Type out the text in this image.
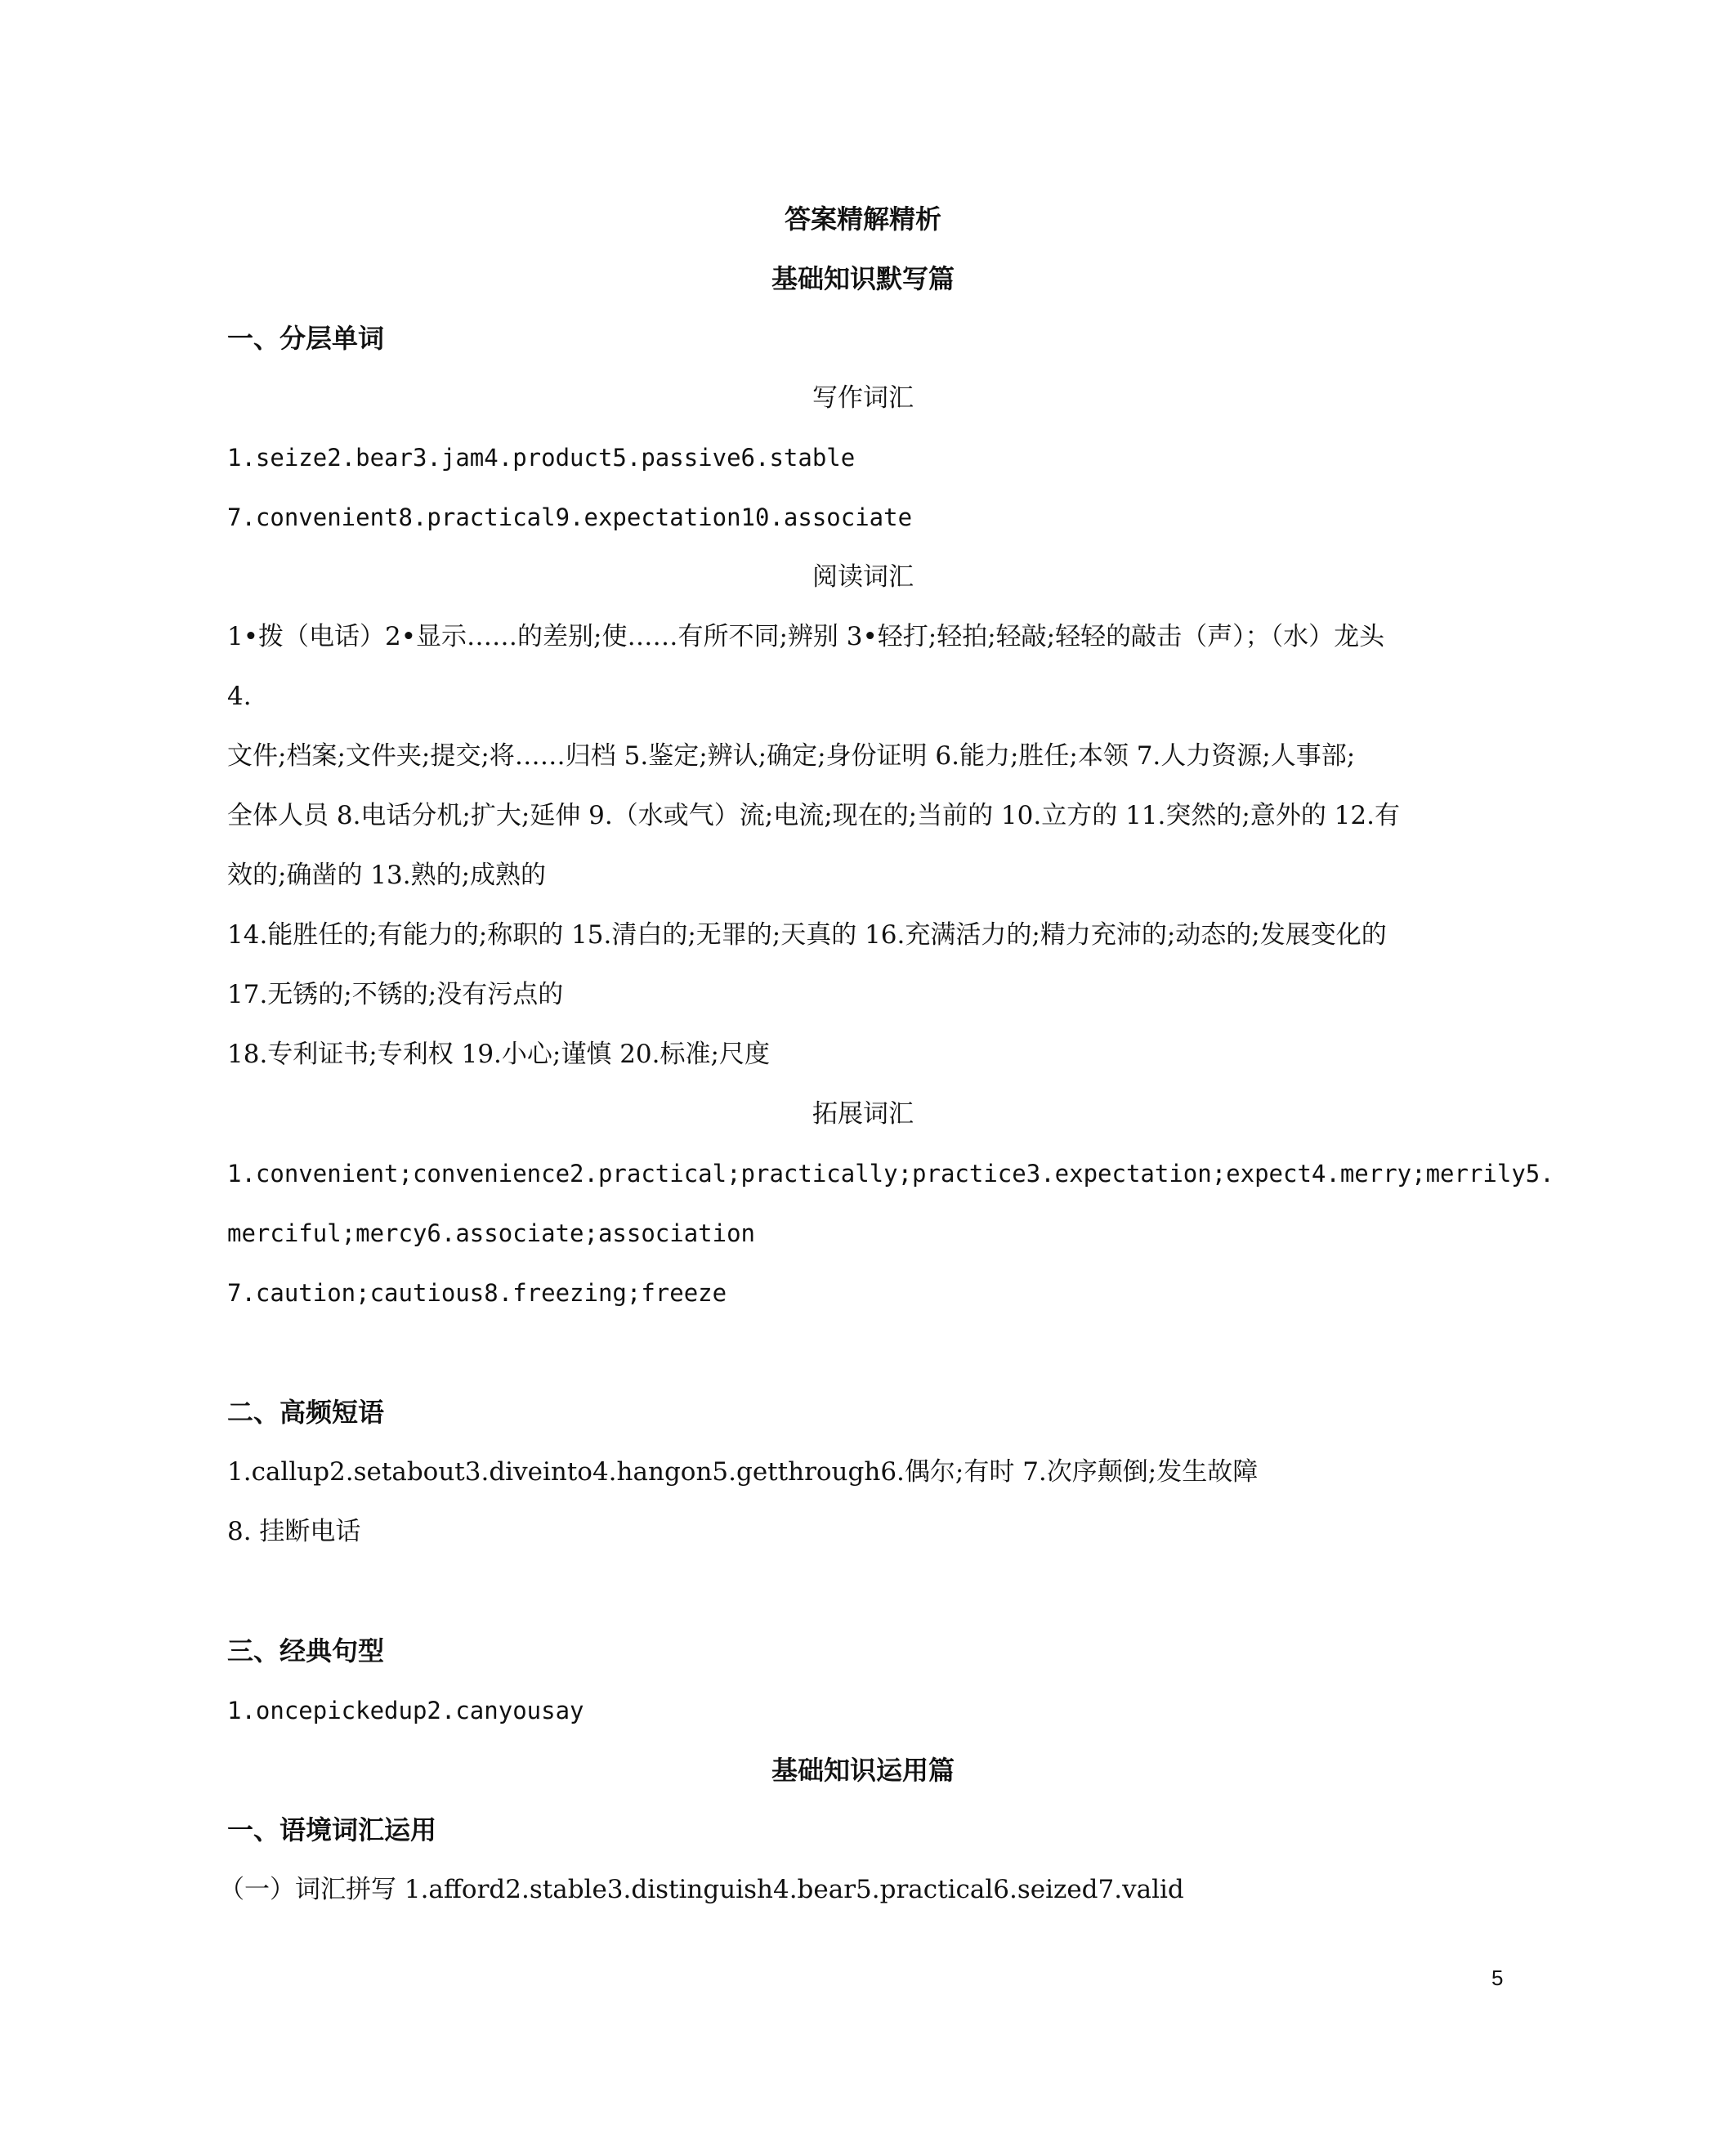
答案精解精析
基础知识默写篇
一、分层单词
写作词汇
1.seize2.bear3.jam4.product5.passive6.stable
7.convenient8.practical9.expectation10.associate
阅读词汇
1•拨（电话）2•显示……的差别;使……有所不同;辨别 3•轻打;轻拍;轻敲;轻轻的敲击（声）；（水）龙头
4.
文件;档案;文件夹;提交;将……归档 5.鉴定;辨认;确定;身份证明 6.能力;胜任;本领 7.人力资源;人事部;
全体人员 8.电话分机;扩大;延伸 9.（水或气）流;电流;现在的;当前的 10.立方的 11.突然的;意外的 12.有
效的;确凿的 13.熟的;成熟的
14.能胜任的;有能力的;称职的 15.清白的;无罪的;天真的 16.充满活力的;精力充沛的;动态的;发展变化的
17.无锈的;不锈的;没有污点的
18.专利证书;专利权 19.小心;谨慎 20.标准;尺度
拓展词汇
1.convenient;convenience2.practical;practically;practice3.expectation;expect4.merry;merrily5.
merciful;mercy6.associate;association
7.caution;cautious8.freezing;freeze
二、高频短语
1.callup2.setabout3.diveinto4.hangon5.getthrough6.偶尔;有时 7.次序颠倒;发生故障
8. 挂断电话
三、经典句型
1.oncepickedup2.canyousay
基础知识运用篇
一、语境词汇运用
（一）词汇拼写 1.afford2.stable3.distinguish4.bear5.practical6.seized7.valid
5
